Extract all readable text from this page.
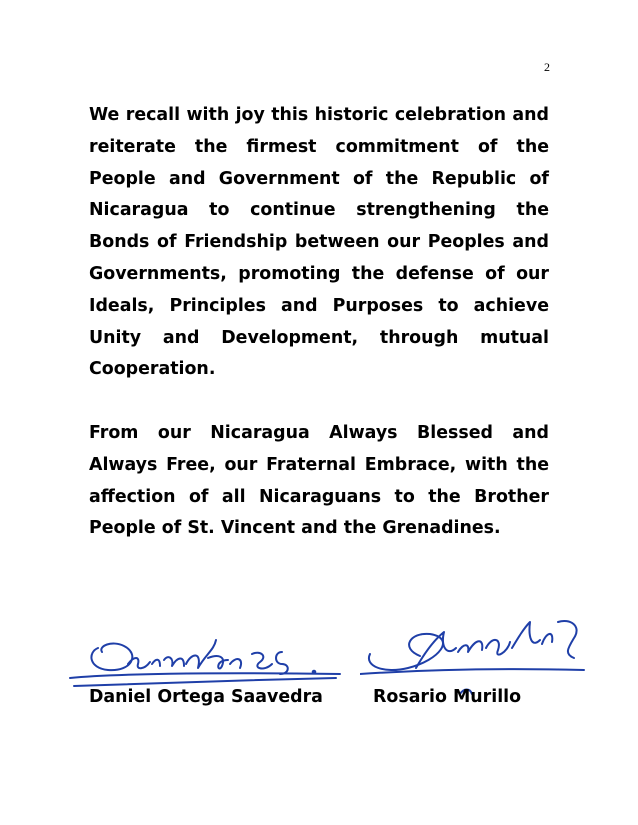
2

We recall with joy this historic celebration and reiterate the firmest commitment of the People and Government of the Republic of Nicaragua to continue strengthening the Bonds of Friendship between our Peoples and Governments, promoting the defense of our Ideals, Principles and Purposes to achieve Unity and Development, through mutual Cooperation.

From our Nicaragua Always Blessed and Always Free, our Fraternal Embrace, with the affection of all Nicaraguans to the Brother People of St. Vincent and the Grenadines.

Daniel Ortega Saavedra	Rosario Murillo
